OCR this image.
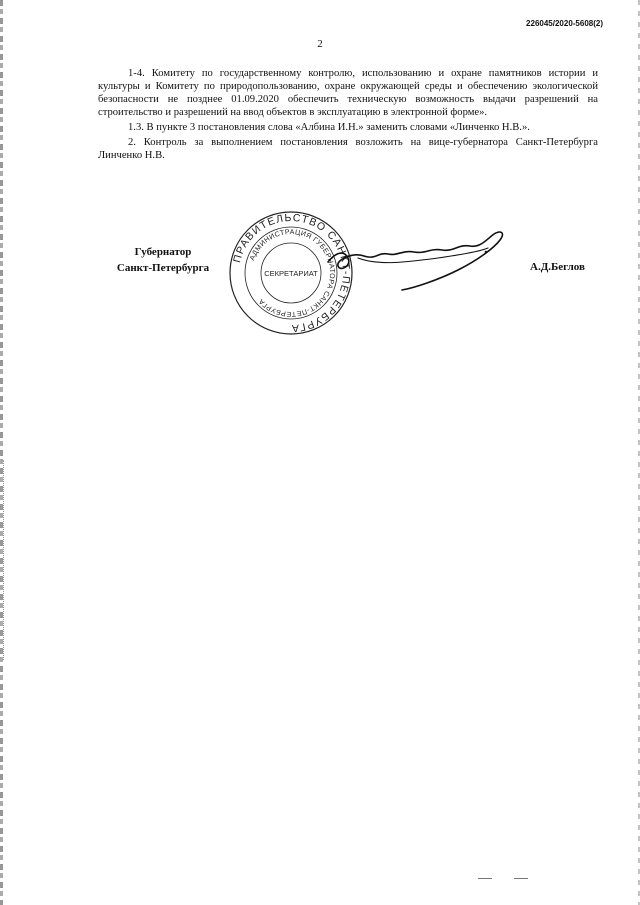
226045/2020-5608(2)
2

1-4. Комитету по государственному контролю, использованию и охране памятников истории и культуры и Комитету по природопользованию, охране окружающей среды и обеспечению экологической безопасности не позднее 01.09.2020 обеспечить техническую возможность выдачи разрешений на строительство и разрешений на ввод объектов в эксплуатацию в электронной форме».

1.3. В пункте 3 постановления слова «Албина И.Н.» заменить словами «Линченко Н.В.».

2. Контроль за выполнением постановления возложить на вице-губернатора Санкт-Петербурга Линченко Н.В.

Губернатор
Санкт-Петербурга
ПРАВИТЕЛЬСТВО САНКТ-ПЕТЕРБУРГА
АДМИНИСТРАЦИЯ ГУБЕРНАТОРА САНКТ-ПЕТЕРБУРГА
СЕКРЕТАРИАТ
А.Д.Беглов
